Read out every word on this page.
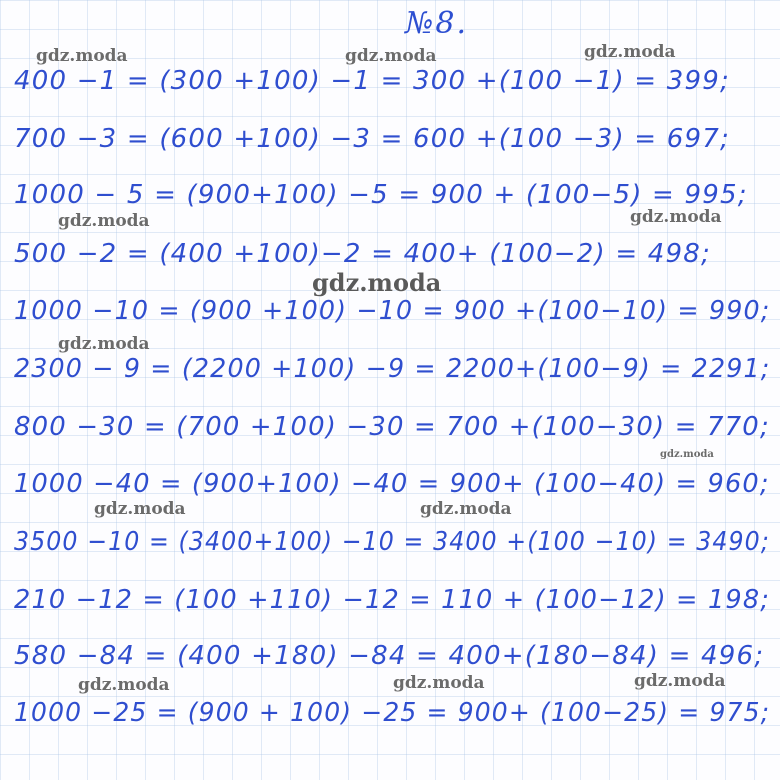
№8.
400 −1 = (300 +100) −1 = 300 +(100 −1) = 399;
700 −3 = (600 +100) −3 = 600 +(100 −3) = 697;
1000 − 5 = (900+100) −5 = 900 + (100−5) = 995;
500 −2 = (400 +100)−2 = 400+ (100−2) = 498;
1000 −10 = (900 +100) −10 = 900 +(100−10) = 990;
2300 − 9 = (2200 +100) −9 = 2200+(100−9) = 2291;
800 −30 = (700 +100) −30 = 700 +(100−30) = 770;
1000 −40 = (900+100) −40 = 900+ (100−40) = 960;
3500 −10 = (3400+100) −10 = 3400 +(100 −10) = 3490;
210 −12 = (100 +110) −12 = 110 + (100−12) = 198;
580 −84 = (400 +180) −84 = 400+(180−84) = 496;
1000 −25 = (900 + 100) −25 = 900+ (100−25) = 975;
gdz.moda	gdz.moda	gdz.moda
gdz.moda	gdz.moda
gdz.moda
gdz.moda
gdz.moda
gdz.moda	gdz.moda
gdz.moda	gdz.moda	gdz.moda
